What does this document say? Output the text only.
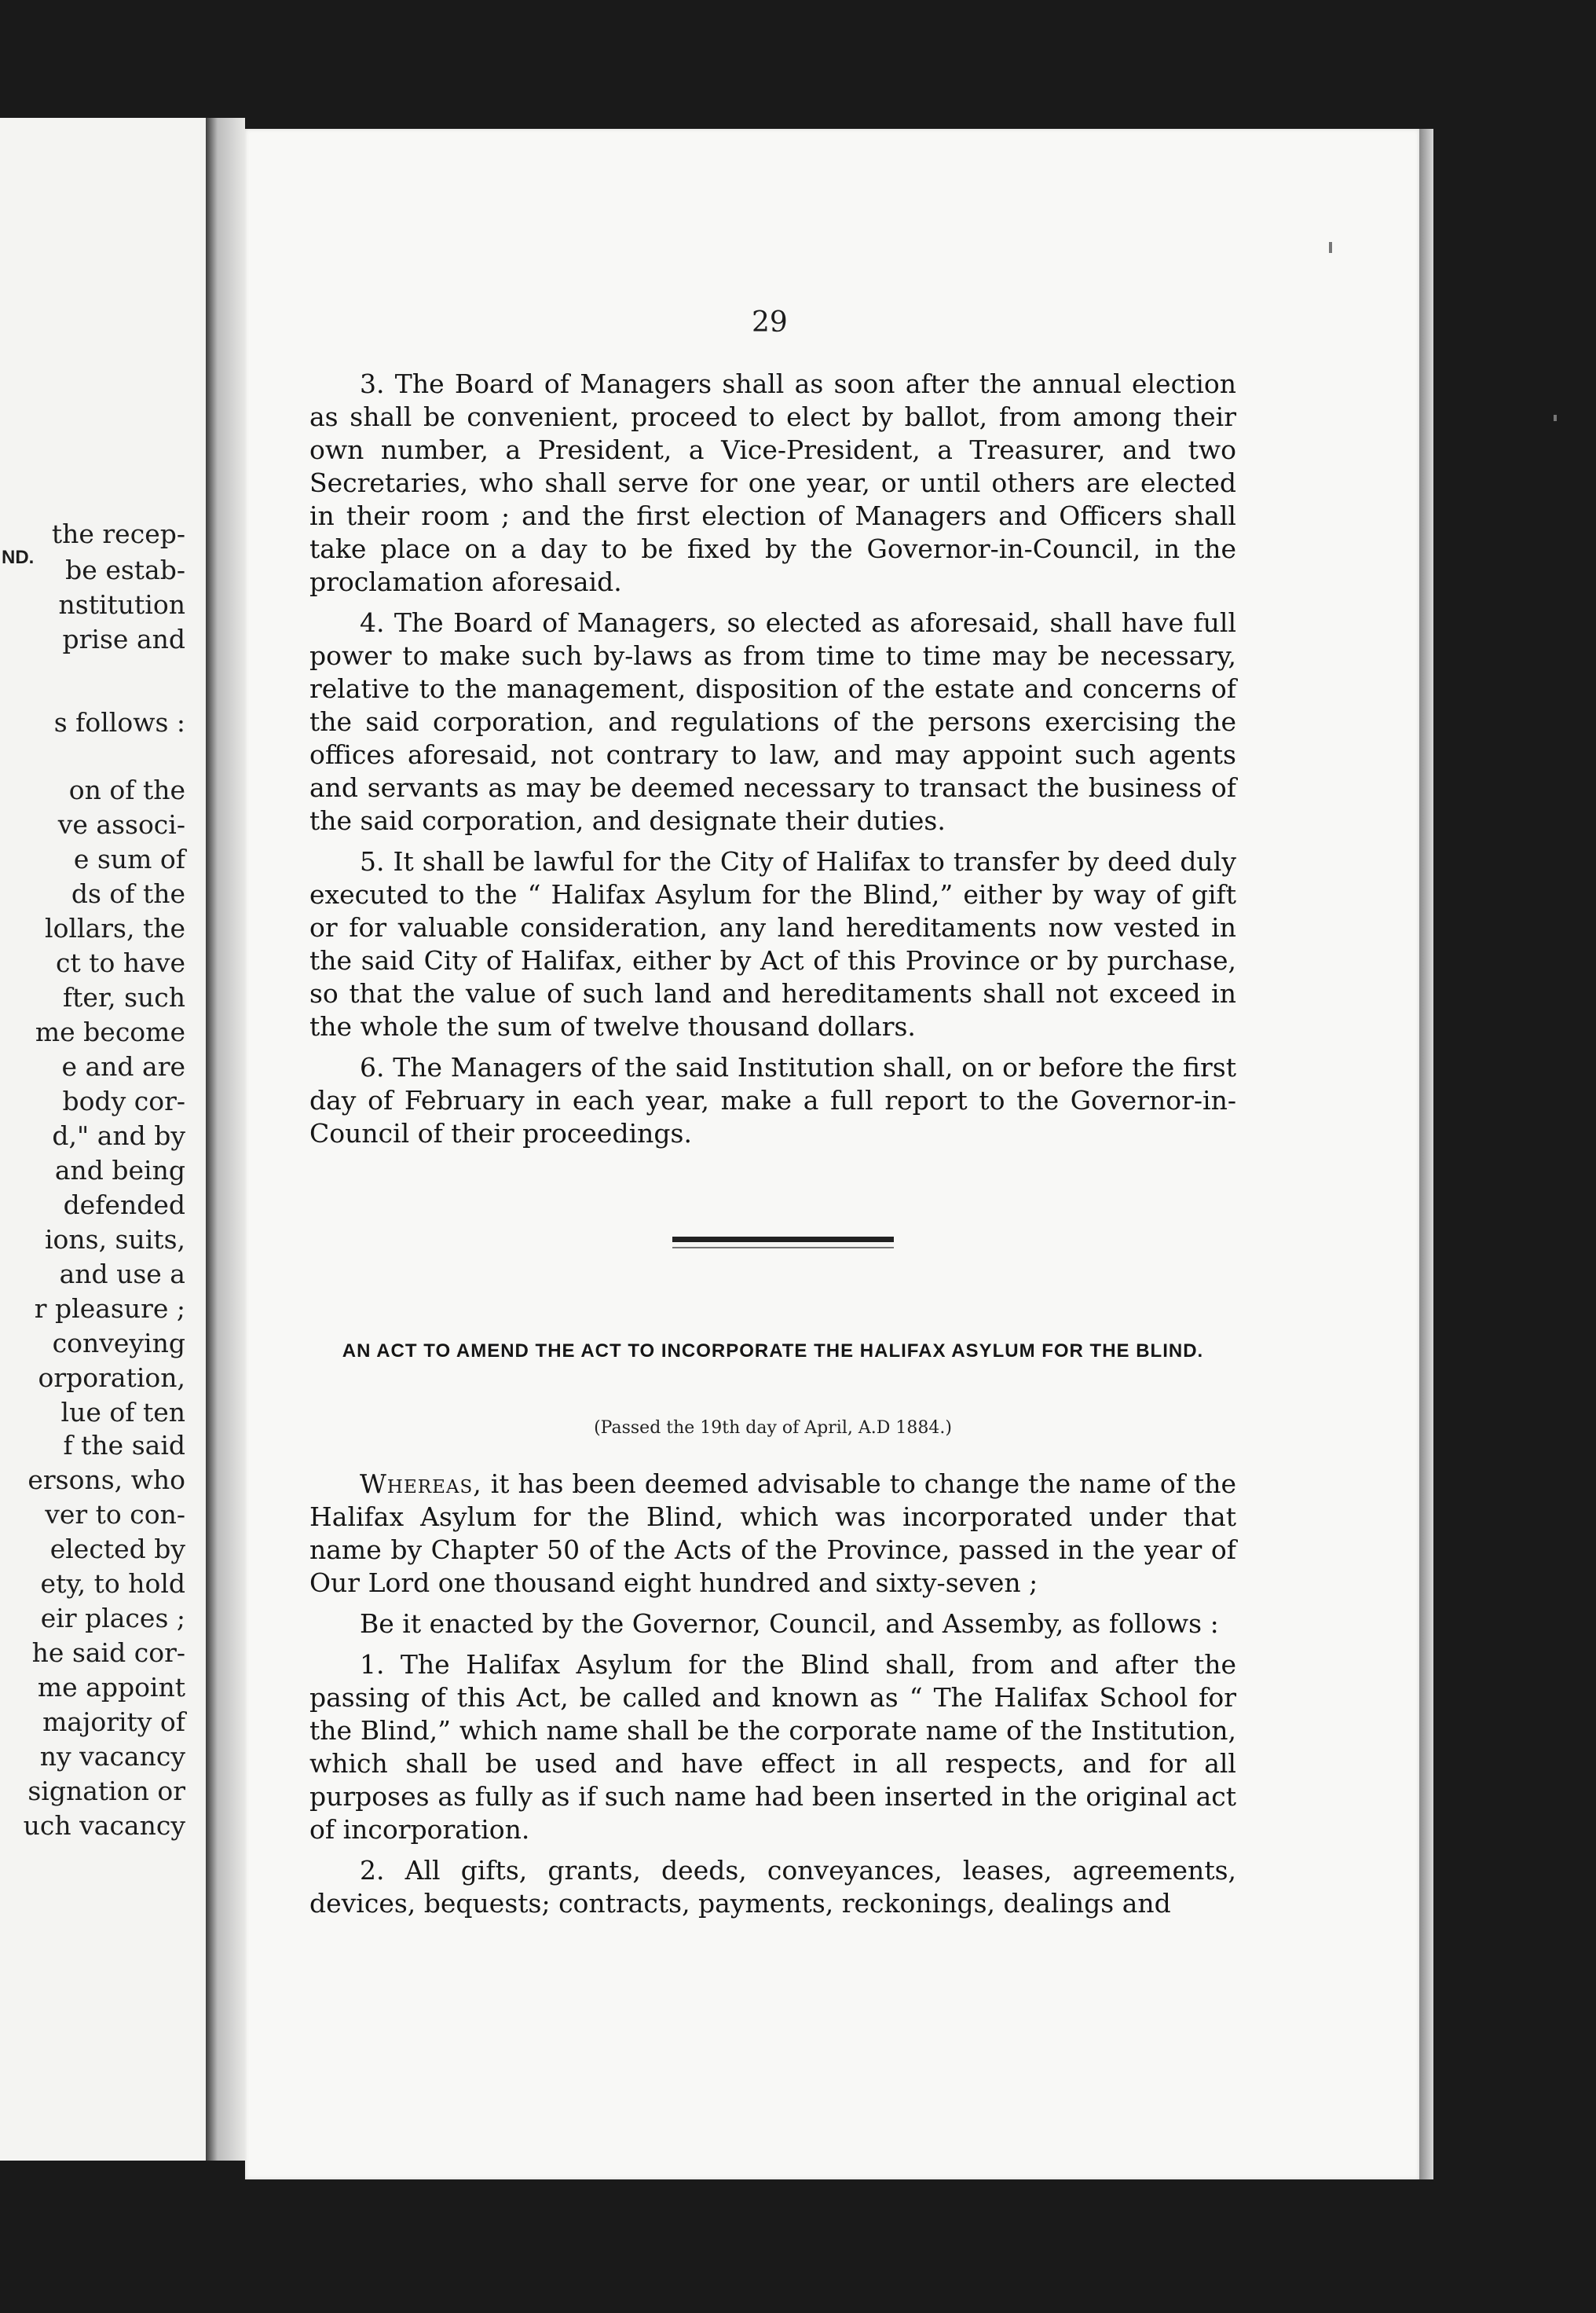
ND.
the recep-
be estab-
nstitution
prise and
s follows :
on of the
ve associ-
e sum of
ds of the
lollars, the
ct to have
fter, such
me become
e and are
body cor-
d," and by
and being
defended
ions, suits,
and use a
r pleasure ;
conveying
orporation,
lue of ten
f the said
ersons, who
ver to con-
elected by
ety, to hold
eir places ;
he said cor-
me appoint
majority of
ny vacancy
signation or
uch vacancy
29

3. The Board of Managers shall as soon after the annual election as shall be convenient, proceed to elect by ballot, from among their own number, a President, a Vice-President, a Treasurer, and two Secretaries, who shall serve for one year, or until others are elected in their room ; and the first election of Managers and Officers shall take place on a day to be fixed by the Governor-in-Council, in the proclamation aforesaid.

4. The Board of Managers, so elected as aforesaid, shall have full power to make such by-laws as from time to time may be necessary, relative to the management, disposition of the estate and concerns of the said corporation, and regulations of the persons exercising the offices aforesaid, not contrary to law, and may appoint such agents and servants as may be deemed necessary to transact the business of the said corporation, and designate their duties.

5. It shall be lawful for the City of Halifax to transfer by deed duly executed to the “ Halifax Asylum for the Blind,” either by way of gift or for valuable consideration, any land hereditaments now vested in the said City of Halifax, either by Act of this Province or by purchase, so that the value of such land and hereditaments shall not exceed in the whole the sum of twelve thousand dollars.

6. The Managers of the said Institution shall, on or before the first day of February in each year, make a full report to the Governor-in-Council of their proceedings.

AN ACT TO AMEND THE ACT TO INCORPORATE THE HALIFAX ASYLUM FOR THE BLIND.
(Passed the 19th day of April, A.D 1884.)

Whereas, it has been deemed advisable to change the name of the Halifax Asylum for the Blind, which was incorporated under that name by Chapter 50 of the Acts of the Province, passed in the year of Our Lord one thousand eight hundred and sixty-seven ;

Be it enacted by the Governor, Council, and Assemby, as follows :

1. The Halifax Asylum for the Blind shall, from and after the passing of this Act, be called and known as “ The Halifax School for the Blind,” which name shall be the corporate name of the Institution, which shall be used and have effect in all respects, and for all purposes as fully as if such name had been inserted in the original act of incorporation.

2. All gifts, grants, deeds, conveyances, leases, agreements, devices, bequests; contracts, payments, reckonings, dealings and
